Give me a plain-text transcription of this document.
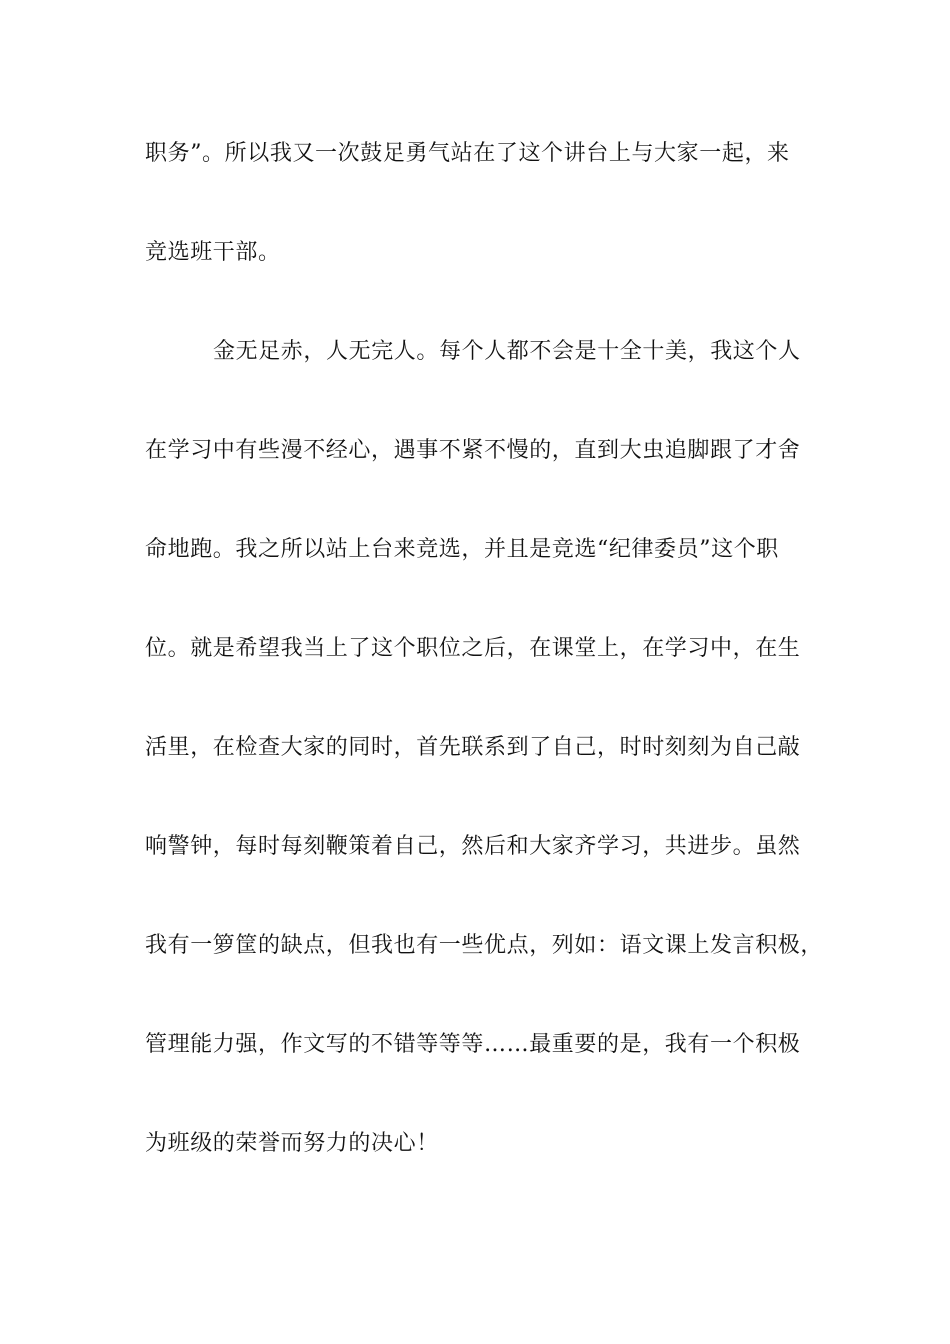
职务”。所以我又一次鼓足勇气站在了这个讲台上与大家一起，来
竞选班干部。
金无足赤，人无完人。每个人都不会是十全十美，我这个人
在学习中有些漫不经心，遇事不紧不慢的，直到大虫追脚跟了才舍
命地跑。我之所以站上台来竞选，并且是竞选“纪律委员”这个职
位。就是希望我当上了这个职位之后，在课堂上，在学习中，在生
活里，在检查大家的同时，首先联系到了自己，时时刻刻为自己敲
响警钟，每时每刻鞭策着自己，然后和大家齐学习，共进步。虽然
我有一箩筐的缺点，但我也有一些优点，列如：语文课上发言积极，
管理能力强，作文写的不错等等等……最重要的是，我有一个积极
为班级的荣誉而努力的决心！
